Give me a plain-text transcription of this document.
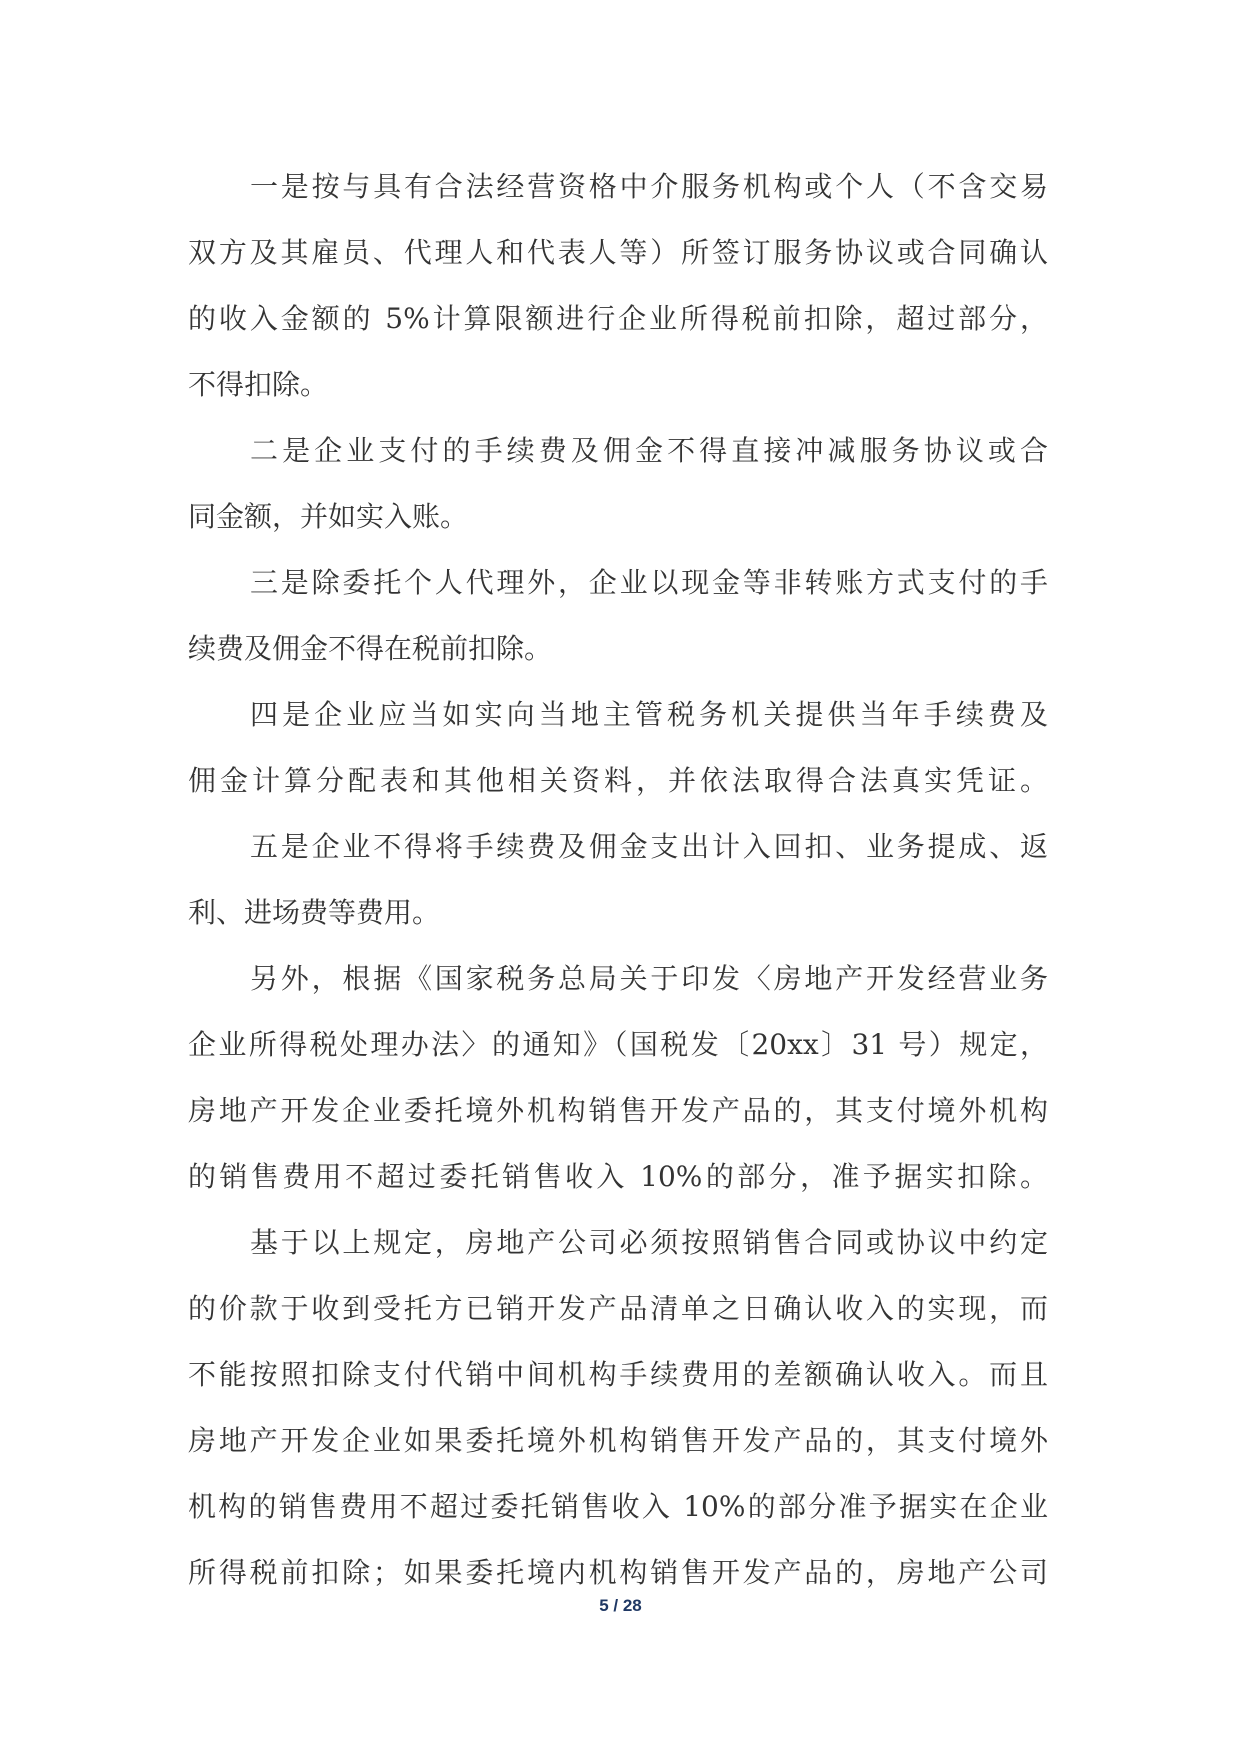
一是按与具有合法经营资格中介服务机构或个人（不含交易
双方及其雇员、代理人和代表人等）所签订服务协议或合同确认
的收入金额的 5%计算限额进行企业所得税前扣除，超过部分，
不得扣除。
二是企业支付的手续费及佣金不得直接冲减服务协议或合
同金额，并如实入账。
三是除委托个人代理外，企业以现金等非转账方式支付的手
续费及佣金不得在税前扣除。
四是企业应当如实向当地主管税务机关提供当年手续费及
佣金计算分配表和其他相关资料，并依法取得合法真实凭证。
五是企业不得将手续费及佣金支出计入回扣、业务提成、返
利、进场费等费用。
另外，根据《国家税务总局关于印发〈房地产开发经营业务
企业所得税处理办法〉的通知》（国税发〔20xx〕31 号）规定，
房地产开发企业委托境外机构销售开发产品的，其支付境外机构
的销售费用不超过委托销售收入 10%的部分，准予据实扣除。
基于以上规定，房地产公司必须按照销售合同或协议中约定
的价款于收到受托方已销开发产品清单之日确认收入的实现，而
不能按照扣除支付代销中间机构手续费用的差额确认收入。而且
房地产开发企业如果委托境外机构销售开发产品的，其支付境外
机构的销售费用不超过委托销售收入 10%的部分准予据实在企业
所得税前扣除；如果委托境内机构销售开发产品的，房地产公司
5 / 28
